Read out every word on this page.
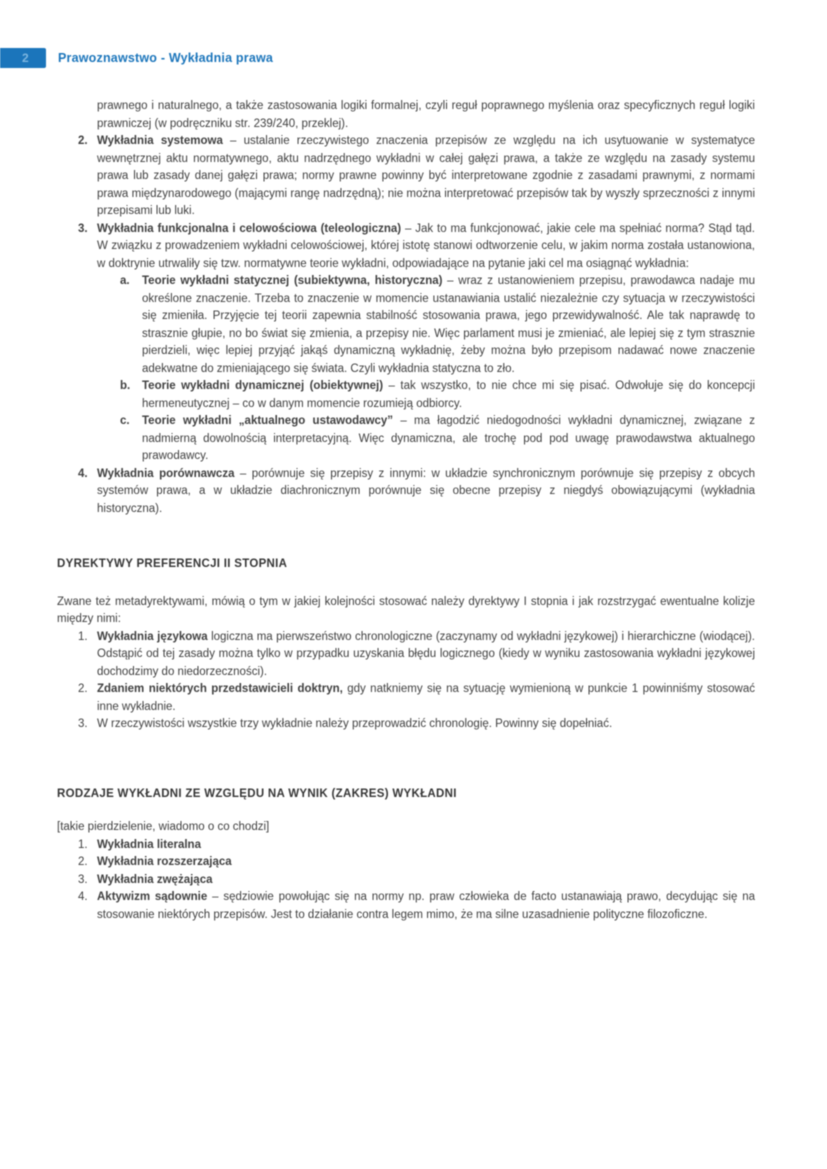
2 Prawoznawstwo - Wykładnia prawa

prawnego i naturalnego, a także zastosowania logiki formalnej, czyli reguł poprawnego myślenia oraz specyficznych reguł logiki prawniczej (w podręczniku str. 239/240, przeklej).

2. Wykładnia systemowa – ustalanie rzeczywistego znaczenia przepisów ze względu na ich usytuowanie w systematyce wewnętrznej aktu normatywnego, aktu nadrzędnego wykładni w całej gałęzi prawa, a także ze względu na zasady systemu prawa lub zasady danej gałęzi prawa; normy prawne powinny być interpretowane zgodnie z zasadami prawnymi, z normami prawa międzynarodowego (mającymi rangę nadrzędną); nie można interpretować przepisów tak by wyszły sprzeczności z innymi przepisami lub luki.

3. Wykładnia funkcjonalna i celowościowa (teleologiczna) – Jak to ma funkcjonować, jakie cele ma spełniać norma? Stąd tąd. W związku z prowadzeniem wykładni celowościowej, której istotę stanowi odtworzenie celu, w jakim norma została ustanowiona, w doktrynie utrwaliły się tzw. normatywne teorie wykładni, odpowiadające na pytanie jaki cel ma osiągnąć wykładnia:

a.	Teorie wykładni statycznej (subiektywna, historyczna) – wraz z ustanowieniem przepisu, prawodawca nadaje mu określone znaczenie. Trzeba to znaczenie w momencie ustanawiania ustalić niezależnie czy sytuacja w rzeczywistości się zmieniła. Przyjęcie tej teorii zapewnia stabilność stosowania prawa, jego przewidywalność. Ale tak naprawdę to strasznie głupie, no bo świat się zmienia, a przepisy nie. Więc parlament musi je zmieniać, ale lepiej się z tym strasznie pierdzieli, więc lepiej przyjąć jakąś dynamiczną wykładnię, żeby można było przepisom nadawać nowe znaczenie adekwatne do zmieniającego się świata. Czyli wykładnia statyczna to zło.

b.	Teorie wykładni dynamicznej (obiektywnej) – tak wszystko, to nie chce mi się pisać. Odwołuje się do koncepcji hermeneutycznej – co w danym momencie rozumieją odbiorcy.

c.	Teorie wykładni „aktualnego ustawodawcy” – ma łagodzić niedogodności wykładni dynamicznej, związane z nadmierną dowolnością interpretacyjną. Więc dynamiczna, ale trochę pod pod uwagę prawodawstwa aktualnego prawodawcy.

4. Wykładnia porównawcza – porównuje się przepisy z innymi: w układzie synchronicznym porównuje się przepisy z obcych systemów prawa, a w układzie diachronicznym porównuje się obecne przepisy z niegdyś obowiązującymi (wykładnia historyczna).

DYREKTYWY PREFERENCJI II STOPNIA

Zwane też metadyrektywami, mówią o tym w jakiej kolejności stosować należy dyrektywy I stopnia i jak rozstrzygać ewentualne kolizje między nimi:

1. Wykładnia językowa logiczna ma pierwszeństwo chronologiczne (zaczynamy od wykładni językowej) i hierarchiczne (wiodącej). Odstąpić od tej zasady można tylko w przypadku uzyskania błędu logicznego (kiedy w wyniku zastosowania wykładni językowej dochodzimy do niedorzeczności).

2. Zdaniem niektórych przedstawicieli doktryn, gdy natkniemy się na sytuację wymienioną w punkcie 1 powinniśmy stosować inne wykładnie.

3. W rzeczywistości wszystkie trzy wykładnie należy przeprowadzić chronologię. Powinny się dopełniać.

RODZAJE WYKŁADNI ZE WZGLĘDU NA WYNIK (ZAKRES) WYKŁADNI

[takie pierdzielenie, wiadomo o co chodzi]

1. Wykładnia literalna

2. Wykładnia rozszerzająca

3. Wykładnia zwężająca

4. Aktywizm sądownie – sędziowie powołując się na normy np. praw człowieka de facto ustanawiają prawo, decydując się na stosowanie niektórych przepisów. Jest to działanie contra legem mimo, że ma silne uzasadnienie polityczne filozoficzne.
